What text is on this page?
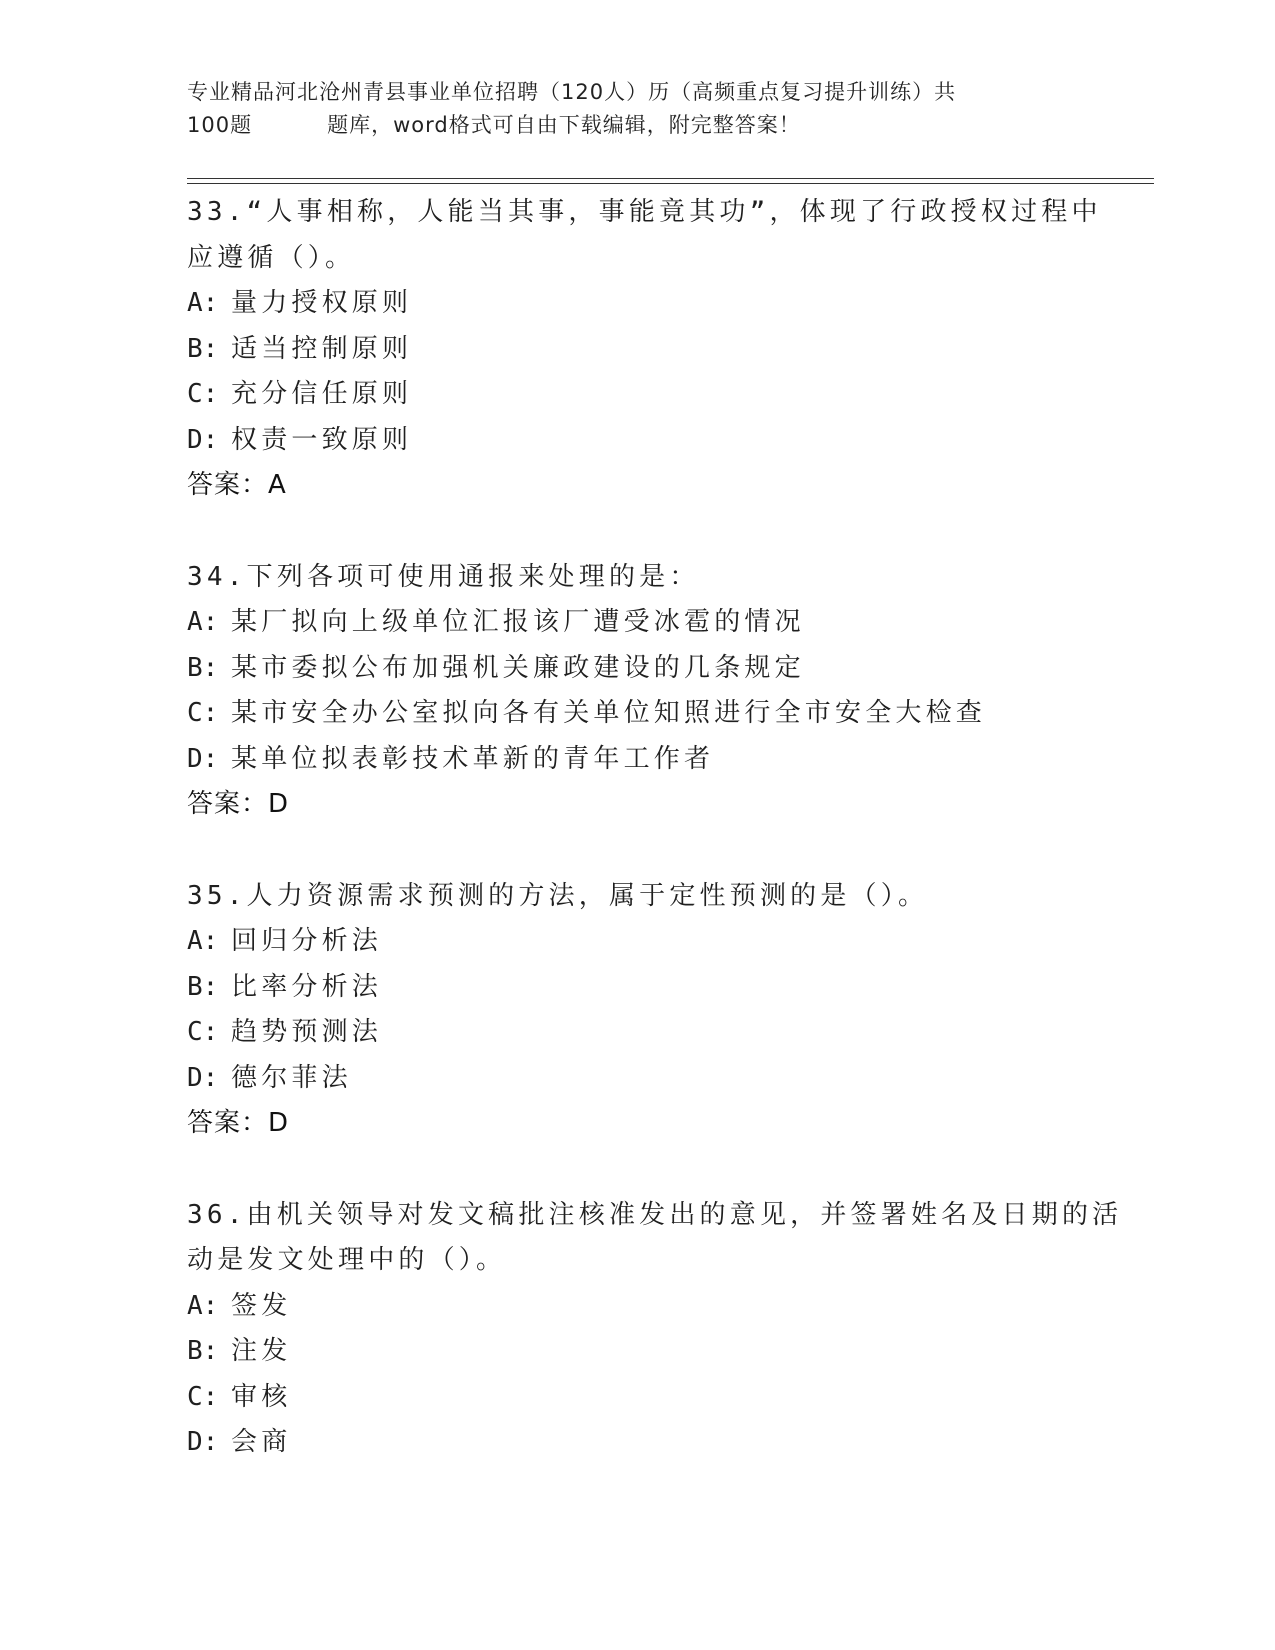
专业精品河北沧州青县事业单位招聘（120人）历（高频重点复习提升训练）共
100题	题库，word格式可自由下载编辑，附完整答案！
33.“人事相称，人能当其事，事能竟其功”，体现了行政授权过程中
应遵循（）。
A: 量力授权原则
B: 适当控制原则
C: 充分信任原则
D: 权责一致原则
答案：A
34.下列各项可使用通报来处理的是：
A: 某厂拟向上级单位汇报该厂遭受冰雹的情况
B: 某市委拟公布加强机关廉政建设的几条规定
C: 某市安全办公室拟向各有关单位知照进行全市安全大检查
D: 某单位拟表彰技术革新的青年工作者
答案：D
35.人力资源需求预测的方法，属于定性预测的是（）。
A: 回归分析法
B: 比率分析法
C: 趋势预测法
D: 德尔菲法
答案：D
36.由机关领导对发文稿批注核准发出的意见，并签署姓名及日期的活
动是发文处理中的（）。
A: 签发
B: 注发
C: 审核
D: 会商
